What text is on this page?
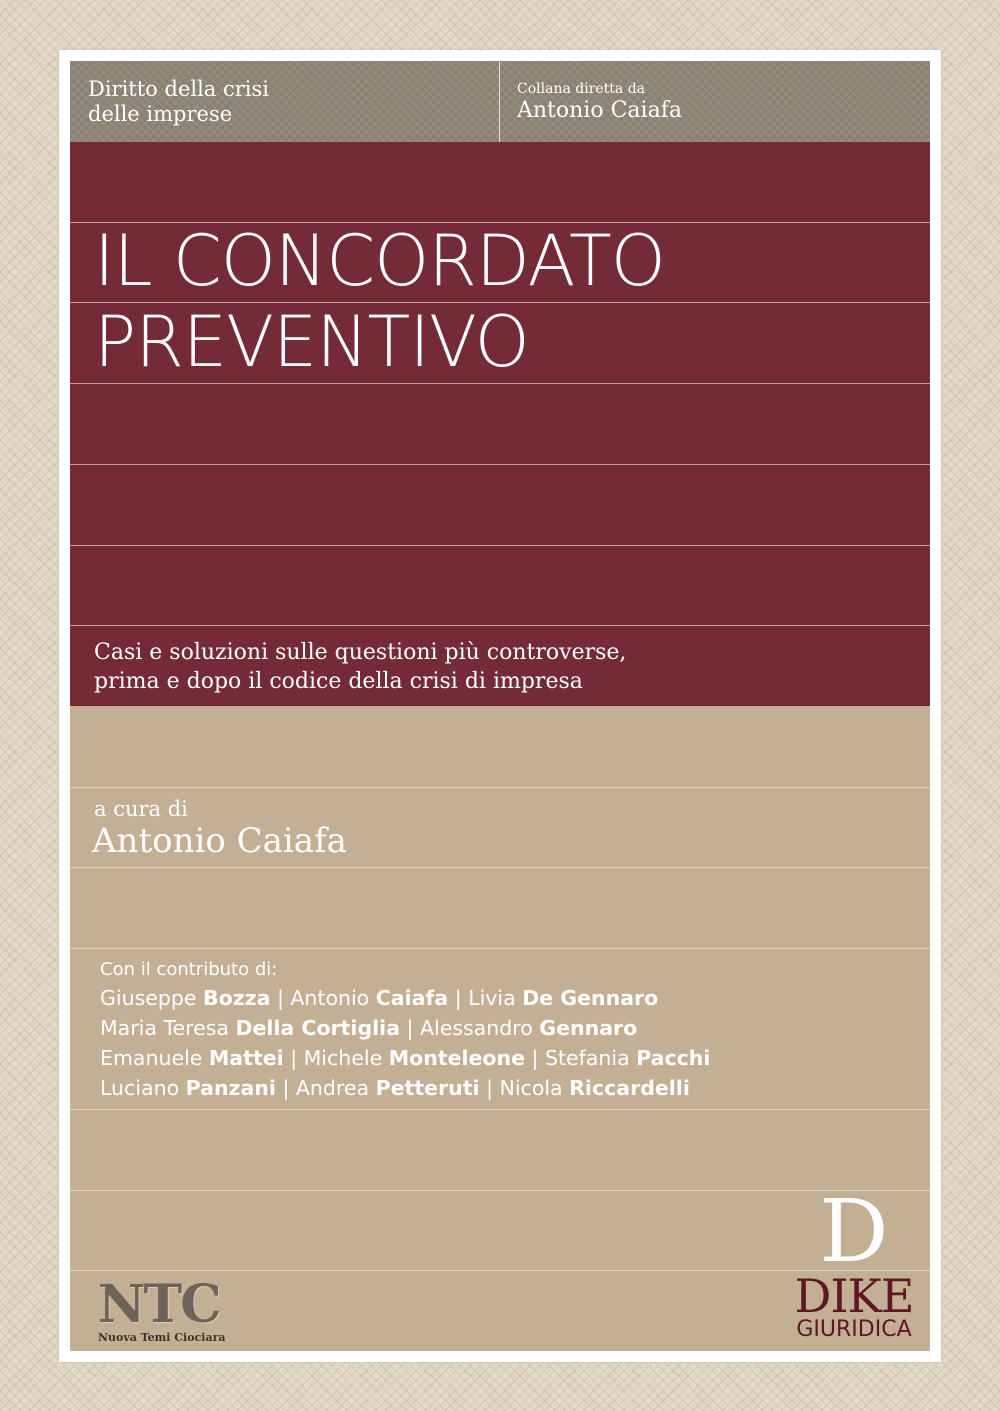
Diritto della crisi
delle imprese
Collana diretta da
Antonio Caiafa
IL CONCORDATO
PREVENTIVO
Casi e soluzioni sulle questioni più controverse,
prima e dopo il codice della crisi di impresa
a cura di
Antonio Caiafa
Con il contributo di:
Giuseppe Bozza | Antonio Caiafa | Livia De Gennaro
Maria Teresa Della Cortiglia | Alessandro Gennaro
Emanuele Mattei | Michele Monteleone | Stefania Pacchi
Luciano Panzani | Andrea Petteruti | Nicola Riccardelli
NTC
Nuova Temi Ciociara
D
DIKE
GIURIDICA
